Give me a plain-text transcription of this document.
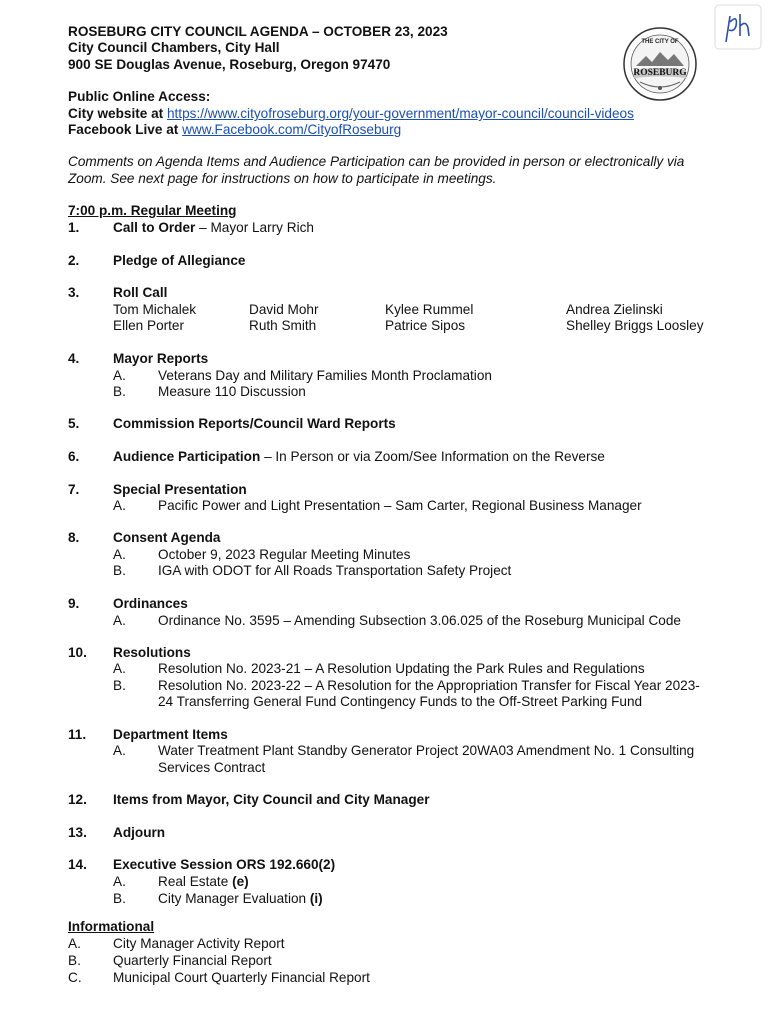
ROSEBURG CITY COUNCIL AGENDA – OCTOBER 23, 2023
City Council Chambers, City Hall
900 SE Douglas Avenue, Roseburg, Oregon 97470
THE CITY OF
ROSEBURG
Public Online Access:
City website at https://www.cityofroseburg.org/your-government/mayor-council/council-videos
Facebook Live at www.Facebook.com/CityofRoseburg
Comments on Agenda Items and Audience Participation can be provided in person or electronically via
Zoom. See next page for instructions on how to participate in meetings.
7:00 p.m. Regular Meeting
1. Call to Order – Mayor Larry Rich
2. Pledge of Allegiance
3. Roll Call
Tom Michalek	David Mohr	Kylee Rummel	Andrea Zielinski
Ellen Porter	Ruth Smith	Patrice Sipos	Shelley Briggs Loosley
4. Mayor Reports
A. Veterans Day and Military Families Month Proclamation
B. Measure 110 Discussion
5. Commission Reports/Council Ward Reports
6. Audience Participation – In Person or via Zoom/See Information on the Reverse
7. Special Presentation
A. Pacific Power and Light Presentation – Sam Carter, Regional Business Manager
8. Consent Agenda
A. October 9, 2023 Regular Meeting Minutes
B. IGA with ODOT for All Roads Transportation Safety Project
9. Ordinances
A. Ordinance No. 3595 – Amending Subsection 3.06.025 of the Roseburg Municipal Code
10. Resolutions
A. Resolution No. 2023-21 – A Resolution Updating the Park Rules and Regulations
B. Resolution No. 2023-22 – A Resolution for the Appropriation Transfer for Fiscal Year 2023-
24 Transferring General Fund Contingency Funds to the Off-Street Parking Fund
11. Department Items
A. Water Treatment Plant Standby Generator Project 20WA03 Amendment No. 1 Consulting
Services Contract
12. Items from Mayor, City Council and City Manager
13. Adjourn
14. Executive Session ORS 192.660(2)
A. Real Estate (e)
B. City Manager Evaluation (i)
Informational
A. City Manager Activity Report
B. Quarterly Financial Report
C. Municipal Court Quarterly Financial Report
